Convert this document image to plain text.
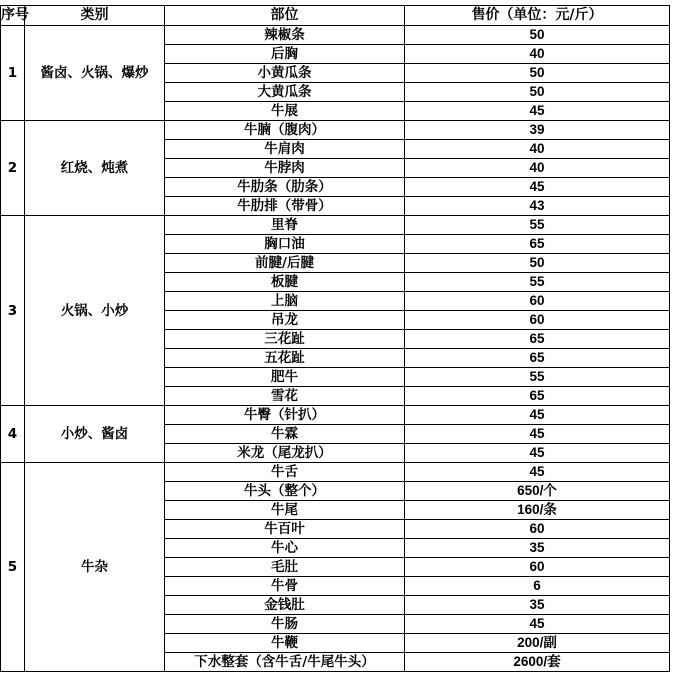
序号	类别	部位	售价（单位：元/斤）
1	酱卤、火锅、爆炒	辣椒条	50
		后胸	40
		小黄瓜条	50
		大黄瓜条	50
		牛展	45
2	红烧、炖煮	牛腩（腹肉）	39
		牛肩肉	40
		牛脖肉	40
		牛肋条（肋条）	45
		牛肋排（带骨）	43
3	火锅、小炒	里脊	55
		胸口油	65
		前腱/后腱	50
		板腱	55
		上脑	60
		吊龙	60
		三花趾	65
		五花趾	65
		肥牛	55
		雪花	65
4	小炒、酱卤	牛臀（针扒）	45
		牛霖	45
		米龙（尾龙扒）	45
5	牛杂	牛舌	45
		牛头（整个）	650/个
		牛尾	160/条
		牛百叶	60
		牛心	35
		毛肚	60
		牛骨	6
		金钱肚	35
		牛肠	45
		牛鞭	200/副
		下水整套（含牛舌/牛尾牛头）	2600/套
